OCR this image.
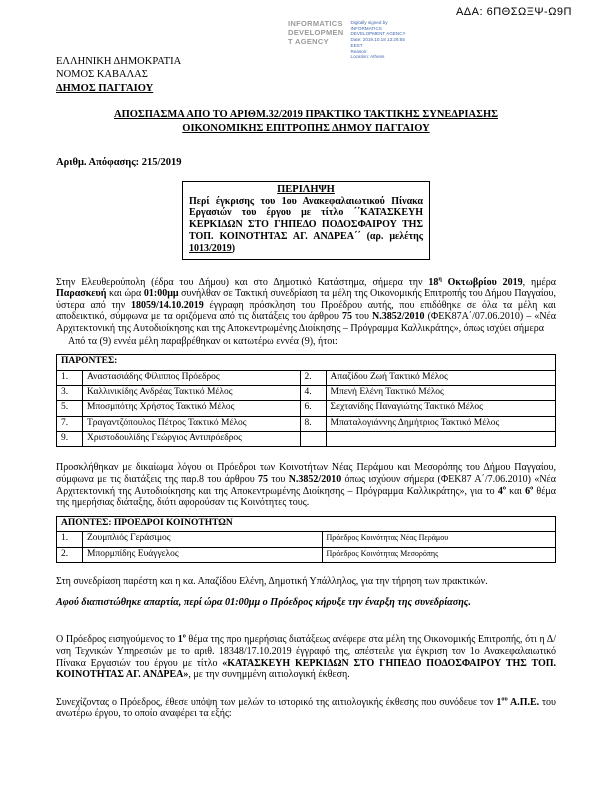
ΑΔΑ: 6ΠΘΣΩΞΨ-Ω9Π
INFORMATICS
DEVELOPMEN
T AGENCY
Digitally signed by
INFORMATICS
DEVELOPMENT AGENCY
Date: 2019.10.18 13:26:55
EEST
Reason:
Location: Athens
ΕΛΛΗΝΙΚΗ ΔΗΜΟΚΡΑΤΙΑ
ΝΟΜΟΣ ΚΑΒΑΛΑΣ
ΔΗΜΟΣ ΠΑΓΓΑΙΟΥ
ΑΠΟΣΠΑΣΜΑ ΑΠΟ ΤΟ ΑΡΙΘΜ.32/2019 ΠΡΑΚΤΙΚΟ ΤΑΚΤΙΚΗΣ ΣΥΝΕΔΡΙΑΣΗΣ
ΟΙΚΟΝΟΜΙΚΗΣ ΕΠΙΤΡΟΠΗΣ ΔΗΜΟΥ ΠΑΓΓΑΙΟΥ
Αριθμ. Απόφασης: 215/2019
ΠΕΡΙΛΗΨΗ
Περί έγκρισης του 1ου Ανακεφαλαιωτικού Πίνακα Εργασιών του έργου με τίτλο ΄΄ΚΑΤΑΣΚΕΥΗ ΚΕΡΚΙΔΩΝ ΣΤΟ ΓΗΠΕΔΟ ΠΟΔΟΣΦΑΙΡΟΥ ΤΗΣ ΤΟΠ. ΚΟΙΝΟΤΗΤΑΣ ΑΓ. ΑΝΔΡΕΑ΄΄ (αρ. μελέτης 1013/2019)

Στην Ελευθερούπολη (έδρα του Δήμου) και στο Δημοτικό Κατάστημα, σήμερα την $18^\eta$ Οκτωβρίου 2019, ημέρα Παρασκευή και ώρα 01:00μμ συνήλθαν σε Τακτική συνεδρίαση τα μέλη της Οικονομικής Επιτροπής του Δήμου Παγγαίου, ύστερα από την 18059/14.10.2019 έγγραφη πρόσκληση του Προέδρου αυτής, που επιδόθηκε σε όλα τα μέλη και αποδεικτικό, σύμφωνα με τα οριζόμενα από τις διατάξεις του άρθρου 75 του Ν.3852/2010 (ΦΕΚ87Α΄/07.06.2010) – «Νέα Αρχιτεκτονική της Αυτοδιοίκησης και της Αποκεντρωμένης Διοίκησης – Πρόγραμμα Καλλικράτης», όπως ισχύει σήμερα

Από τα (9) εννέα μέλη παραβρέθηκαν οι κατωτέρω εννέα (9), ήτοι:

ΠΑΡΟΝΤΕΣ:			
1.	Αναστασιάδης Φίλιππος Πρόεδρος	2.	Απαζίδου Ζωή Τακτικό Μέλος
3.	Καλλινικίδης Ανδρέας Τακτικό Μέλος	4.	Μπενή Ελένη Τακτικό Μέλος
5.	Μποσμπότης Χρήστος Τακτικό Μέλος	6.	Σεχτανίδης Παναγιώτης Τακτικό Μέλος
7.	Τραγαντζόπουλος Πέτρος Τακτικό Μέλος	8.	Μπαταλογιάννης Δημήτριος Τακτικό Μέλος
9.	Χριστοδουλίδης Γεώργιος Αντιπρόεδρος		

Προσκλήθηκαν με δικαίωμα λόγου οι Πρόεδροι των Κοινοτήτων Νέας Περάμου και Μεσορόπης του Δήμου Παγγαίου, σύμφωνα με τις διατάξεις της παρ.8 του άρθρου 75 του Ν.3852/2010 όπως ισχύουν σήμερα (ΦΕΚ87 Α΄/7.06.2010) «Νέα Αρχιτεκτονική της Αυτοδιοίκησης και της Αποκεντρωμένης Διοίκησης – Πρόγραμμα Καλλικράτης», για το $4^o$ και $6^o$ θέμα της ημερήσιας διάταξης, διότι αφορούσαν τις Κοινότητες τους.

ΑΠΟΝΤΕΣ: ΠΡΟΕΔΡΟΙ ΚΟΙΝΟΤΗΤΩΝ		
1.	Ζουμπλιός Γεράσιμος	Πρόεδρος Κοινότητας Νέας Περάμου
2.	Μπορμπίδης Ευάγγελος	Πρόεδρος Κοινότητας Μεσορόπης

Στη συνεδρίαση παρέστη και η κα. Απαζίδου Ελένη, Δημοτική Υπάλληλος, για την τήρηση των πρακτικών.

Αφού διαπιστώθηκε απαρτία, περί ώρα 01:00μμ ο Πρόεδρος κήρυξε την έναρξη της συνεδρίασης.

Ο Πρόεδρος εισηγούμενος το $1^o$ θέμα της προ ημερήσιας διατάξεως ανέφερε στα μέλη της Οικονομικής Επιτροπής, ότι η Δ/νση Τεχνικών Υπηρεσιών με το αριθ. 18348/17.10.2019 έγγραφό της, απέστειλε για έγκριση τον 1ο Ανακεφαλαιωτικό Πίνακα Εργασιών του έργου με τίτλο «ΚΑΤΑΣΚΕΥΗ ΚΕΡΚΙΔΩΝ ΣΤΟ ΓΗΠΕΔΟ ΠΟΔΟΣΦΑΙΡΟΥ ΤΗΣ ΤΟΠ. ΚΟΙΝΟΤΗΤΑΣ ΑΓ. ΑΝΔΡΕΑ», με την συνημμένη αιτιολογική έκθεση.

Συνεχίζοντας ο Πρόεδρος, έθεσε υπόψη των μελών το ιστορικό της αιτιολογικής έκθεσης που συνόδευε τον $1^{o\upsilon}$ Α.Π.Ε. του ανωτέρω έργου, το οποίο αναφέρει τα εξής:
